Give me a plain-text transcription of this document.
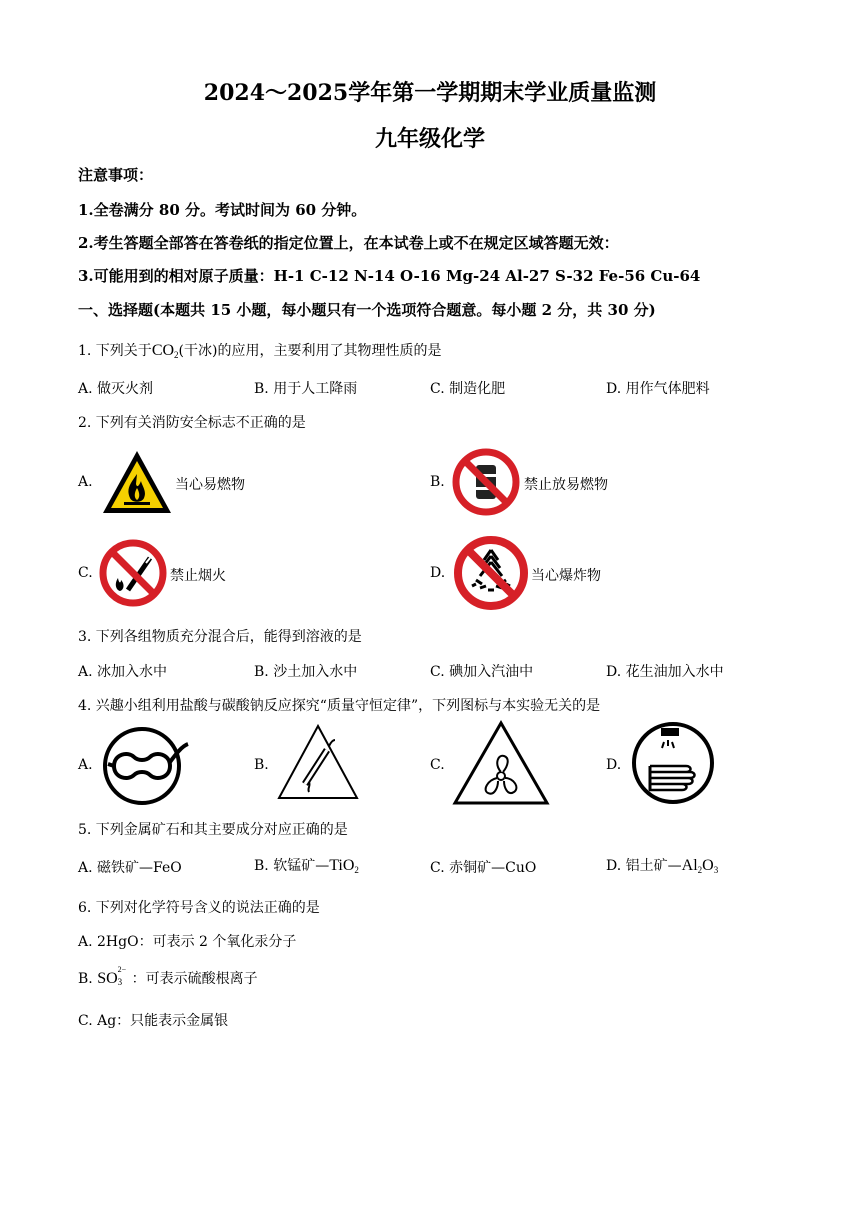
2024～2025学年第一学期期末学业质量监测
九年级化学
注意事项：
1.全卷满分 80 分。考试时间为 60 分钟。
2.考生答题全部答在答卷纸的指定位置上，在本试卷上或不在规定区域答题无效：
3.可能用到的相对原子质量：H-1 C-12 N-14 O-16 Mg-24 Al-27 S-32 Fe-56 Cu-64
一、选择题(本题共 15 小题，每小题只有一个选项符合题意。每小题 2 分，共 30 分)
1. 下列关于$CO_2$(干冰)的应用，主要利用了其物理性质的是
A. 做灭火剂	B. 用于人工降雨	C. 制造化肥	D. 用作气体肥料
2. 下列有关消防安全标志不正确的是
A.	当心易燃物	B.	禁止放易燃物
C.	禁止烟火	D.	当心爆炸物
3. 下列各组物质充分混合后，能得到溶液的是
A. 冰加入水中	B. 沙土加入水中	C. 碘加入汽油中	D. 花生油加入水中
4. 兴趣小组利用盐酸与碳酸钠反应探究“质量守恒定律”，下列图标与本实验无关的是
A.	B.	C.	D.
5. 下列金属矿石和其主要成分对应正确的是
A. 磁铁矿—FeO	B. 软锰矿—TiO$_2$	C. 赤铜矿—CuO	D. 铝土矿$—Al_2O_3$
6. 下列对化学符号含义的说法正确的是
A. 2HgO：可表示 2 个氧化汞分子
B. SO 3
2−
：可表示硫酸根离子
C. Ag：只能表示金属银
